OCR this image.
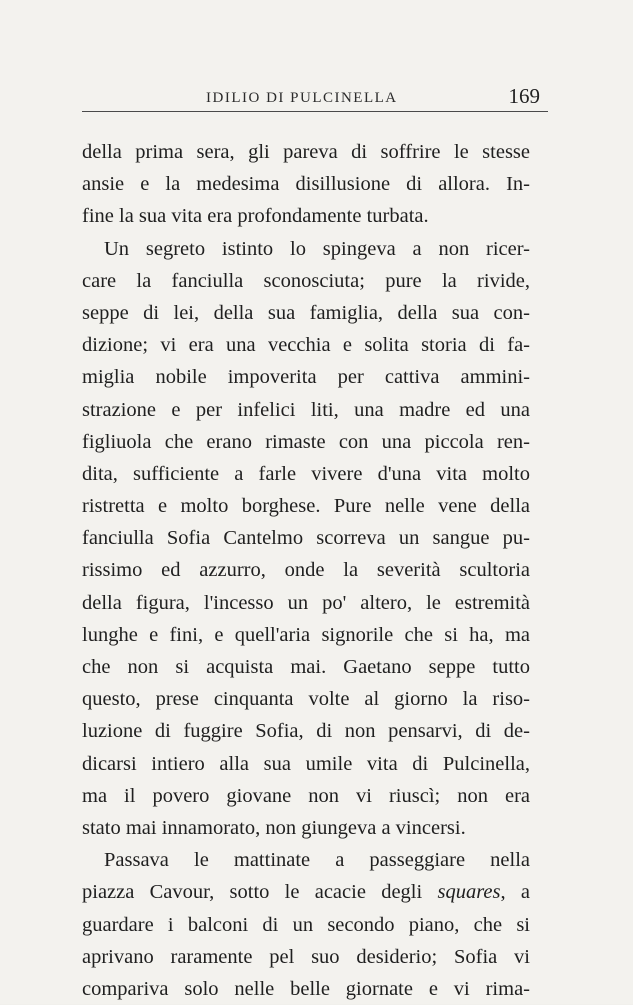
IDILIO DI PULCINELLA	169
della prima sera, gli pareva di soffrire le stesse
ansie e la medesima disillusione di allora. In-
fine la sua vita era profondamente turbata.
Un segreto istinto lo spingeva a non ricer-
care la fanciulla sconosciuta; pure la rivide,
seppe di lei, della sua famiglia, della sua con-
dizione; vi era una vecchia e solita storia di fa-
miglia nobile impoverita per cattiva ammini-
strazione e per infelici liti, una madre ed una
figliuola che erano rimaste con una piccola ren-
dita, sufficiente a farle vivere d'una vita molto
ristretta e molto borghese. Pure nelle vene della
fanciulla Sofia Cantelmo scorreva un sangue pu-
rissimo ed azzurro, onde la severità scultoria
della figura, l'incesso un po' altero, le estremità
lunghe e fini, e quell'aria signorile che si ha, ma
che non si acquista mai. Gaetano seppe tutto
questo, prese cinquanta volte al giorno la riso-
luzione di fuggire Sofia, di non pensarvi, di de-
dicarsi intiero alla sua umile vita di Pulcinella,
ma il povero giovane non vi riuscì; non era
stato mai innamorato, non giungeva a vincersi.
Passava le mattinate a passeggiare nella
piazza Cavour, sotto le acacie degli squares, a
guardare i balconi di un secondo piano, che si
aprivano raramente pel suo desiderio; Sofia vi
compariva solo nelle belle giornate e vi rima-
